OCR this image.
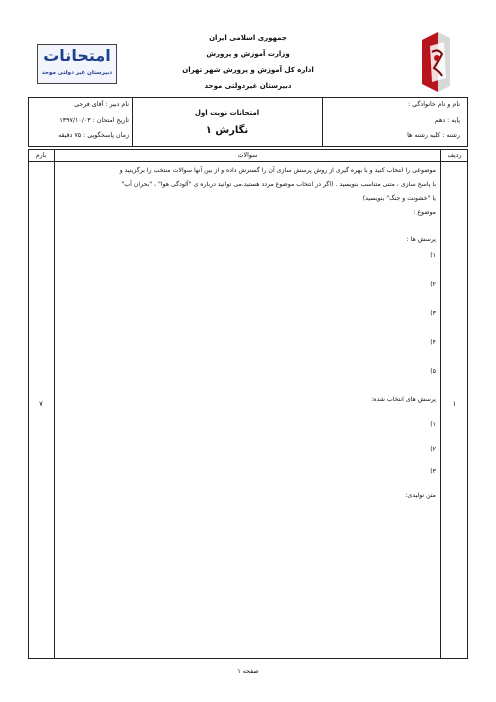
امتحانات
دبیرستان غیر دولتی موحد
جمهوری اسلامی ایران
وزارت آموزش و پرورش
اداره کل آموزش و پرورش شهر تهران
دبیرستان غیردولتی موحد
نام و نام خانوادگی :
پایه : دهم
رشته : کلیه رشته ها
امتحانات نوبت اول
نگارش ۱
نام دبیر : آقای فرجی
تاریخ امتحان : ۱۳۹۷/۱۰/۰۳
زمان پاسخگویی : ۷۵ دقیقه
ردیف
سوالات
بارم
۱
۷
موضوعی را انتخاب کنید و با بهره گیری از روش پرسش سازی آن را گسترش داده و از بین آنها سوالات منتخب را برگزینید و
با پاسخ سازی ، متنی متناسب بنویسید . (اگر در انتخاب موضوع مردد هستید،می توانید درباره ی "آلودگی هوا" ، "بحران آب"
یا "خشونت و جنگ" بنویسید)
موضوع :
پرسش ها :
۱)
۲)
۳)
۴)
۵)
پرسش های انتخاب شده:
۱)
۲)
۳)
متن تولیدی:
صفحه ۱
